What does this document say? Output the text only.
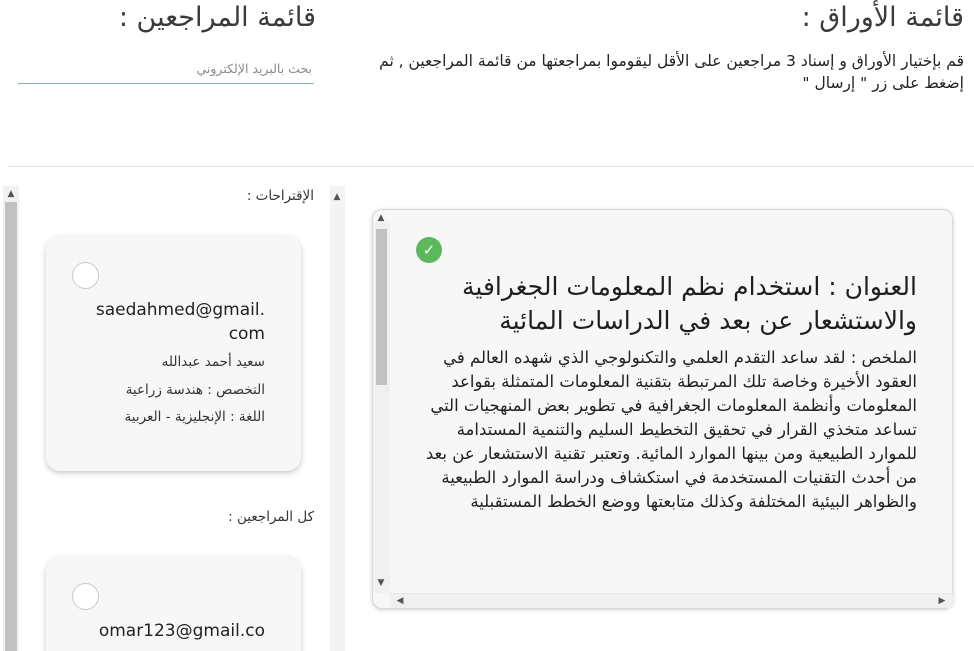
قائمة الأوراق :

قم بإختيار الأوراق و إسناد 3 مراجعين على الأقل ليقوموا بمراجعتها من قائمة المراجعين , ثم إضغط على زر " إرسال "

قائمة المراجعين :
بحث بالبريد الإلكتروني
▲	الإقتراحات :
saedahmed@gmail.com
سعيد أحمد عبدالله
التخصص : هندسة زراعية
اللغة : الإنجليزية - العربية
كل المراجعين :
omar123@gmail.co
▲
▲
▼
◀	▶
✓
العنوان : استخدام نظم المعلومات الجغرافية والاستشعار عن بعد في الدراسات المائية
الملخص : لقد ساعد التقدم العلمي والتكنولوجي الذي شهده العالم في العقود الأخيرة وخاصة تلك المرتبطة بتقنية المعلومات المتمثلة بقواعد المعلومات وأنظمة المعلومات الجغرافية في تطوير بعض المنهجيات التي تساعد متخذي القرار في تحقيق التخطيط السليم والتنمية المستدامة للموارد الطبيعية ومن بينها الموارد المائية. وتعتبر تقنية الاستشعار عن بعد من أحدث التقنيات المستخدمة في استكشاف ودراسة الموارد الطبيعية والظواهر البيئية المختلفة وكذلك متابعتها ووضع الخطط المستقبلية
